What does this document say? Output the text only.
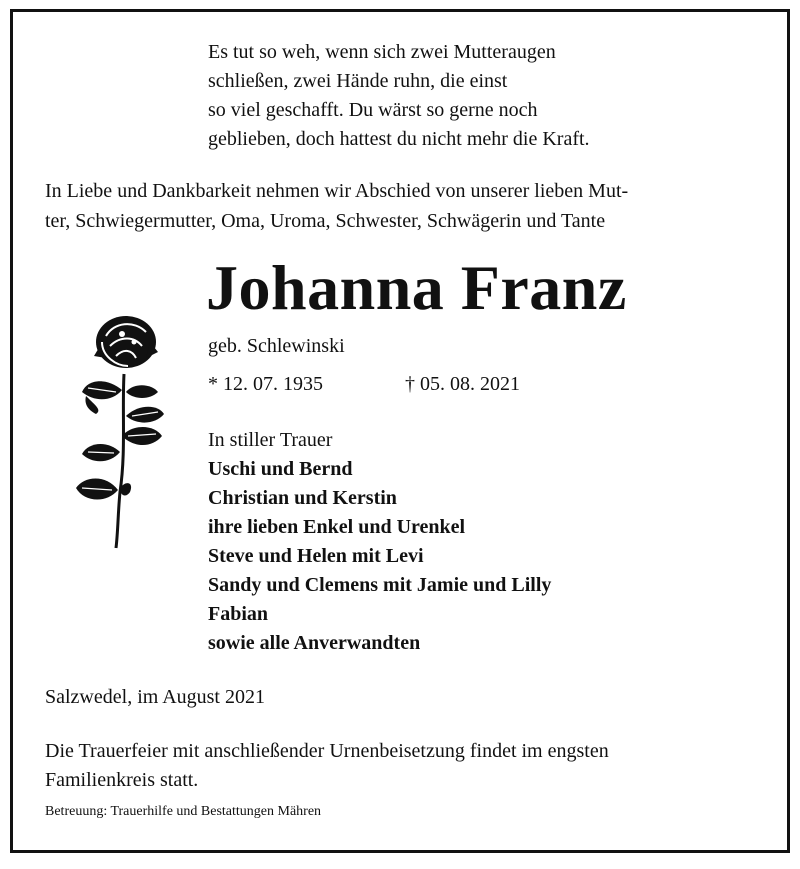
Es tut so weh, wenn sich zwei Mutteraugen
schließen, zwei Hände ruhn, die einst
so viel geschafft. Du wärst so gerne noch
geblieben, doch hattest du nicht mehr die Kraft.
In Liebe und Dankbarkeit nehmen wir Abschied von unserer lieben Mut-
ter, Schwiegermutter, Oma, Uroma, Schwester, Schwägerin und Tante
Johanna Franz
geb. Schlewinski
* 12. 07. 1935	† 05. 08. 2021
In stiller Trauer
Uschi und Bernd
Christian und Kerstin
ihre lieben Enkel und Urenkel
Steve und Helen mit Levi
Sandy und Clemens mit Jamie und Lilly
Fabian
sowie alle Anverwandten
Salzwedel, im August 2021
Die Trauerfeier mit anschließender Urnenbeisetzung findet im engsten
Familienkreis statt.
Betreuung: Trauerhilfe und Bestattungen Mähren
